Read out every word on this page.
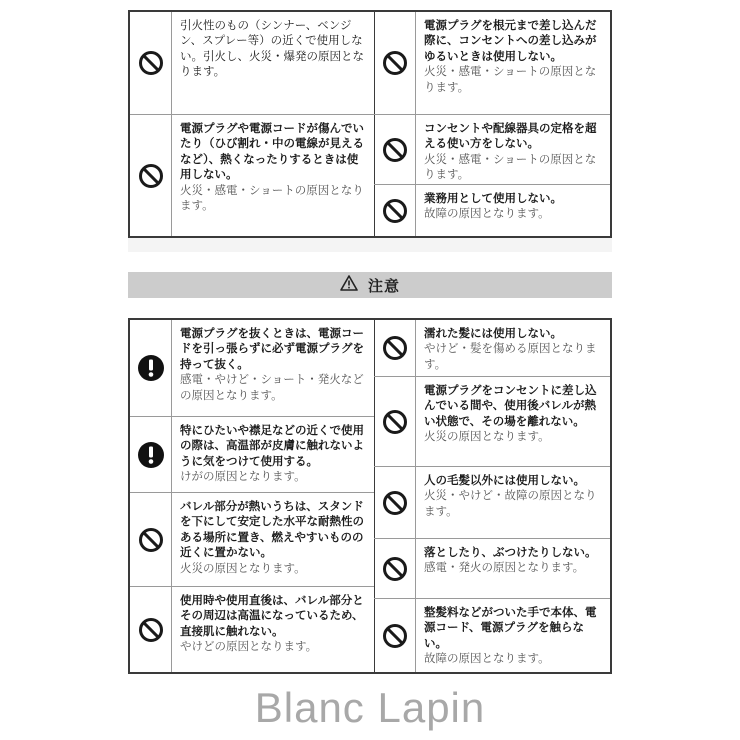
引火性のもの（シンナー、ベンジン、スプレー等）の近くで使用しない。引火し、火災・爆発の原因となります。
電源プラグや電源コードが傷んでいたり（ひび割れ・中の電線が見えるなど）、熱くなったりするときは使用しない。
火災・感電・ショートの原因となります。
電源プラグを根元まで差し込んだ際に、コンセントへの差し込みがゆるいときは使用しない。
火災・感電・ショートの原因となります。
コンセントや配線器具の定格を超える使い方をしない。
火災・感電・ショートの原因となります。
業務用として使用しない。
故障の原因となります。
注意
電源プラグを抜くときは、電源コードを引っ張らずに必ず電源プラグを持って抜く。
感電・やけど・ショート・発火などの原因となります。
特にひたいや襟足などの近くで使用の際は、高温部が皮膚に触れないように気をつけて使用する。
けがの原因となります。
バレル部分が熱いうちは、スタンドを下にして安定した水平な耐熱性のある場所に置き、燃えやすいものの近くに置かない。
火災の原因となります。
使用時や使用直後は、バレル部分とその周辺は高温になっているため、直接肌に触れない。
やけどの原因となります。
濡れた髪には使用しない。
やけど・髪を傷める原因となります。
電源プラグをコンセントに差し込んでいる間や、使用後バレルが熱い状態で、その場を離れない。
火災の原因となります。
人の毛髪以外には使用しない。
火災・やけど・故障の原因となります。
落としたり、ぶつけたりしない。
感電・発火の原因となります。
整髪料などがついた手で本体、電源コード、電源プラグを触らない。
故障の原因となります。
Blanc Lapin
